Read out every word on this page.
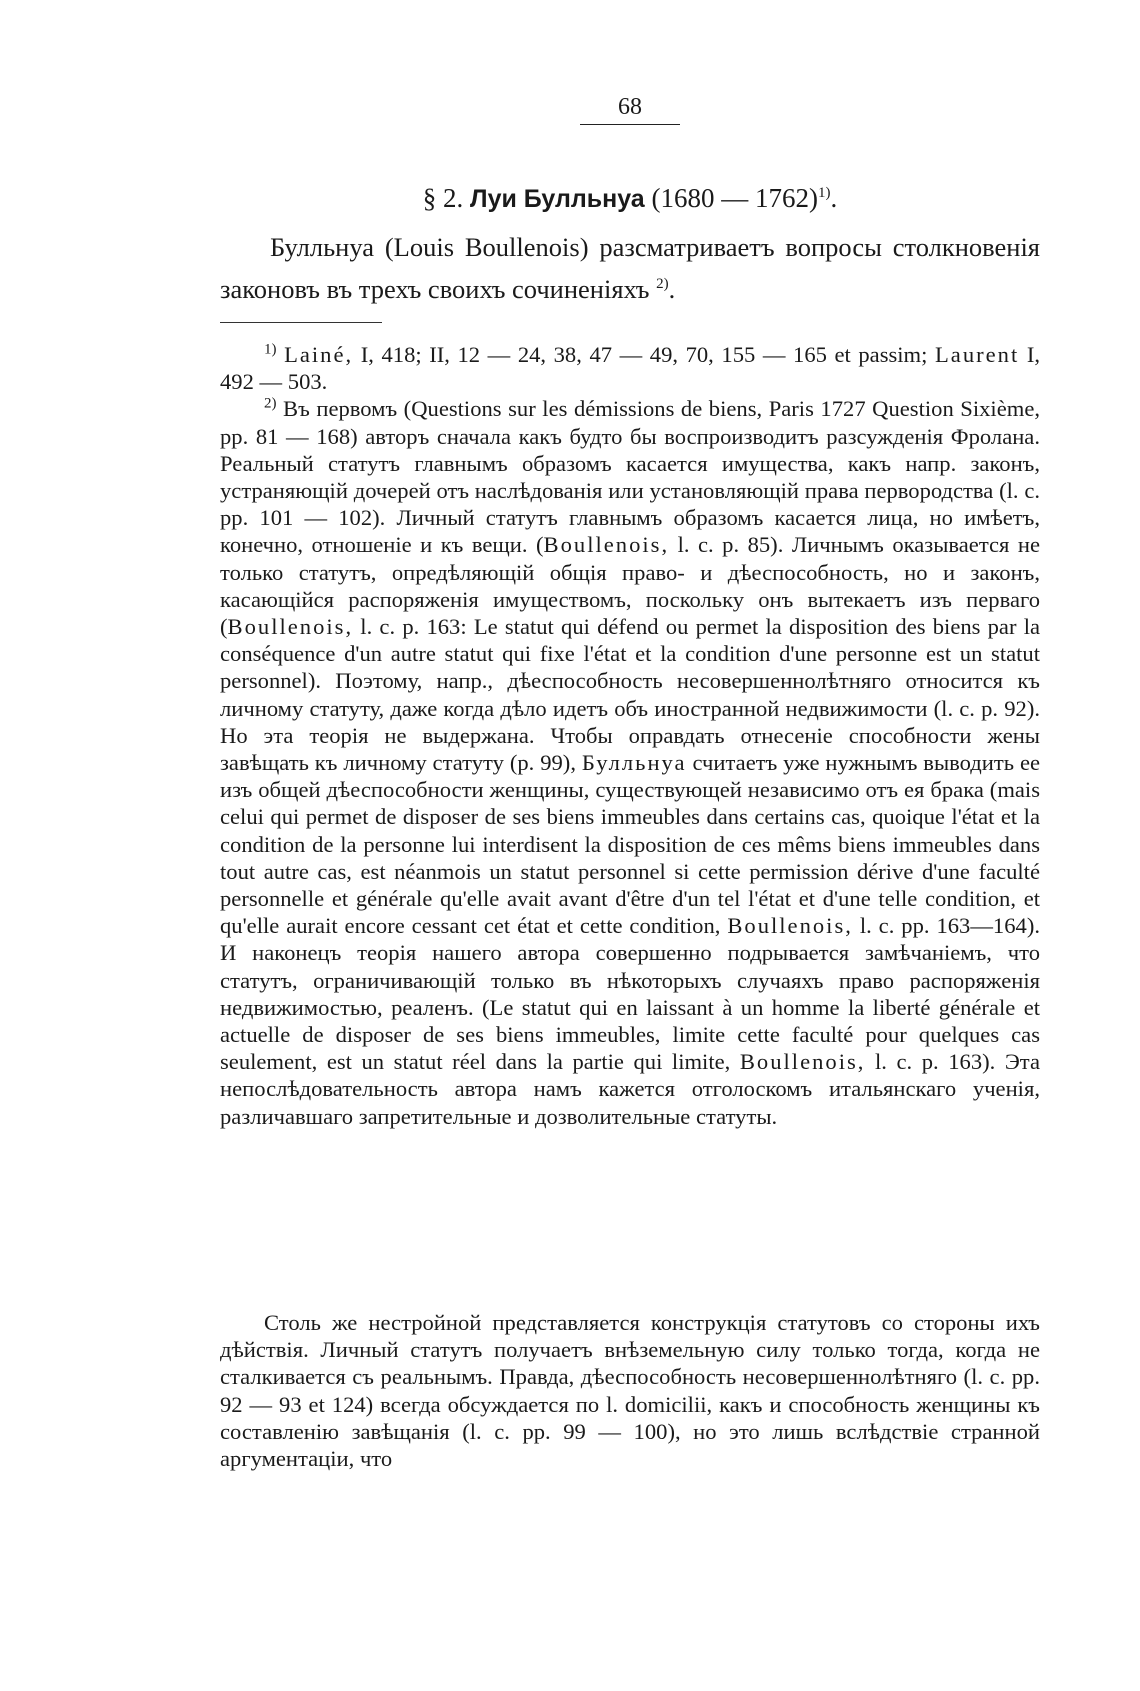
68
§ 2. Луи Булльнуа (1680 — 1762)$^{1)}$.

Булльнуа (Louis Boullenois) разсматриваетъ вопросы столкновенія законовъ въ трехъ своихъ сочиненіяхъ $^{2)}$.

$^{1)}$ Lainé, I, 418; II, 12 — 24, 38, 47 — 49, 70, 155 — 165 et passim; Laurent I, 492 — 503.

$^{2)}$ Въ первомъ (Questions sur les démissions de biens, Paris 1727 Question Sixième, pp. 81 — 168) авторъ сначала какъ будто бы воспроизводитъ разсужденія Фролана. Реальный статутъ главнымъ образомъ касается имущества, какъ напр. законъ, устраняющій дочерей отъ наслѣдованія или установляющій права первородства (l. c. pp. 101 — 102). Личный статутъ главнымъ образомъ касается лица, но имѣетъ, конечно, отношеніе и къ вещи. (Boullenois, l. c. p. 85). Личнымъ оказывается не только статутъ, опредѣляющій общія право- и дѣеспособность, но и законъ, касающійся распоряженія имуществомъ, поскольку онъ вытекаетъ изъ перваго (Boullenois, l. c. p. 163: Le statut qui défend ou permet la disposition des biens par la conséquence d'un autre statut qui fixe l'état et la condition d'une personne est un statut personnel). Поэтому, напр., дѣеспособность несовершеннолѣтняго относится къ личному статуту, даже когда дѣло идетъ объ иностранной недвижимости (l. c. p. 92). Но эта теорія не выдержана. Чтобы оправдать отнесеніе способности жены завѣщать къ личному статуту (p. 99), Булльнуа считаетъ уже нужнымъ выводить ее изъ общей дѣеспособности женщины, существующей независимо отъ ея брака (mais celui qui permet de disposer de ses biens immeubles dans certains cas, quoique l'état et la condition de la personne lui interdisent la disposition de ces mêms biens immeubles dans tout autre cas, est néanmois un statut personnel si cette permission dérive d'une faculté personnelle et générale qu'elle avait avant d'être d'un tel l'état et d'une telle condition, et qu'elle aurait encore cessant cet état et cette condition, Boullenois, l. c. pp. 163—164). И наконецъ теорія нашего автора совершенно подрывается замѣчаніемъ, что статутъ, ограничивающій только въ нѣкоторыхъ случаяхъ право распоряженія недвижимостью, реаленъ. (Le statut qui en laissant à un homme la liberté générale et actuelle de disposer de ses biens immeubles, limite cette faculté pour quelques cas seulement, est un statut réel dans la partie qui limite, Boullenois, l. c. p. 163). Эта непослѣдовательность автора намъ кажется отголоскомъ итальянскаго ученія, различавшаго запретительные и дозволительные статуты.

Столь же нестройной представляется конструкція статутовъ со стороны ихъ дѣйствія. Личный статутъ получаетъ внѣземельную силу только тогда, когда не сталкивается съ реальнымъ. Правда, дѣеспособность несовершеннолѣтняго (l. c. pp. 92 — 93 et 124) всегда обсуждается по l. domicilii, какъ и способность женщины къ составленію завѣщанія (l. c. pp. 99 — 100), но это лишь вслѣдствіе странной аргументаціи, что
